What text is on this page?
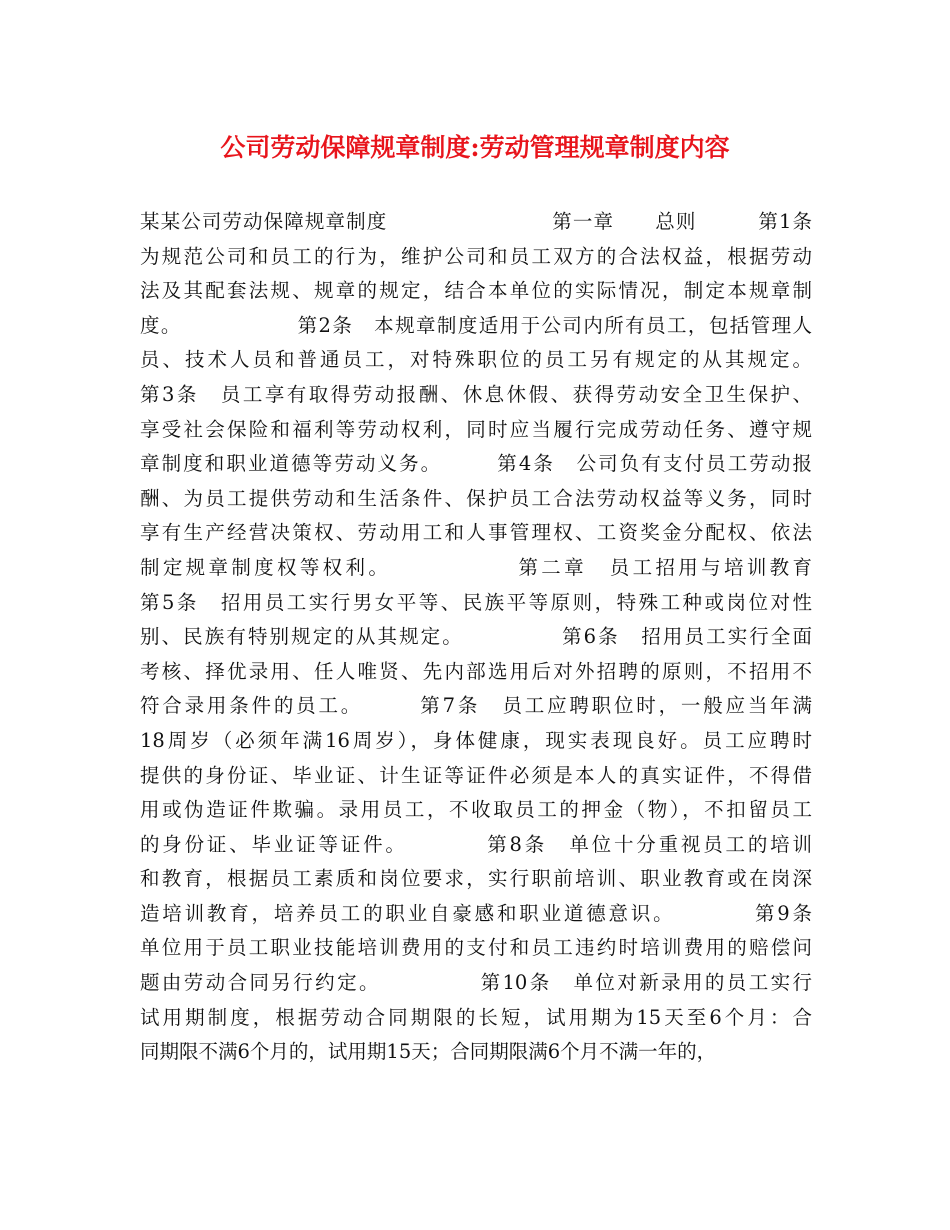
公司劳动保障规章制度:劳动管理规章制度内容
某某公司劳动保障规章制度　　　　　　　　第一章　　总则　　　第1条
为规范公司和员工的行为，维护公司和员工双方的合法权益，根据劳动
法及其配套法规、规章的规定，结合本单位的实际情况，制定本规章制
度。　　　　　　第2条　本规章制度适用于公司内所有员工，包括管理人
员、技术人员和普通员工，对特殊职位的员工另有规定的从其规定。
第3条　员工享有取得劳动报酬、休息休假、获得劳动安全卫生保护、
享受社会保险和福利等劳动权利，同时应当履行完成劳动任务、遵守规
章制度和职业道德等劳动义务。　　　第4条　公司负有支付员工劳动报
酬、为员工提供劳动和生活条件、保护员工合法劳动权益等义务，同时
享有生产经营决策权、劳动用工和人事管理权、工资奖金分配权、依法
制定规章制度权等权利。　　　　　　第二章　员工招用与培训教育
第5条　招用员工实行男女平等、民族平等原则，特殊工种或岗位对性
别、民族有特别规定的从其规定。　　　　　第6条　招用员工实行全面
考核、择优录用、任人唯贤、先内部选用后对外招聘的原则，不招用不
符合录用条件的员工。　　　第7条　员工应聘职位时，一般应当年满
18周岁（必须年满16周岁），身体健康，现实表现良好。员工应聘时
提供的身份证、毕业证、计生证等证件必须是本人的真实证件，不得借
用或伪造证件欺骗。录用员工，不收取员工的押金（物），不扣留员工
的身份证、毕业证等证件。　　　　第8条　单位十分重视员工的培训
和教育，根据员工素质和岗位要求，实行职前培训、职业教育或在岗深
造培训教育，培养员工的职业自豪感和职业道德意识。　　　　第9条
单位用于员工职业技能培训费用的支付和员工违约时培训费用的赔偿问
题由劳动合同另行约定。　　　　　第10条　单位对新录用的员工实行
试用期制度，根据劳动合同期限的长短，试用期为15天至6个月：合
同期限不满6个月的，试用期15天；合同期限满6个月不满一年的，
